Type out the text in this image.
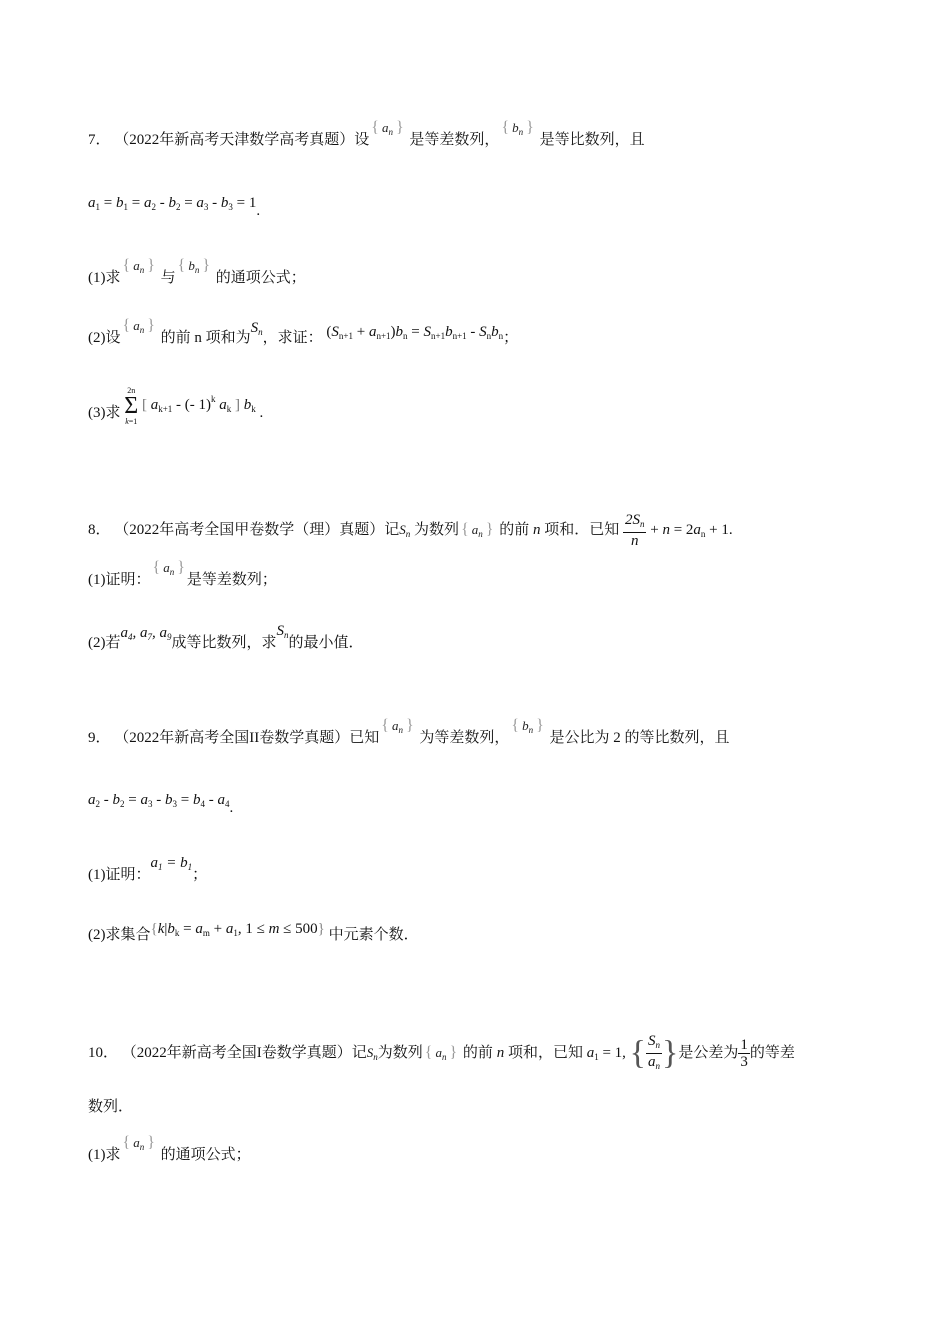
7． （2022年新高考天津数学高考真题）设{ $a_n$ } 是等差数列，{ $b_n$ } 是等比数列，且
$a_1 = b_1 = a_2 - b_2 = a_3 - b_3 = 1$.
(1)求{ $a_n$ } 与{ $b_n$ } 的通项公式；
(2)设{ $a_n$ } 的前 n 项和为$S_n$，求证： $(S_{n+1} + a_{n+1})b_n = S_{n+1}b_{n+1} - S_nb_n$；
(3)求
2n
Σ
k=1
[ $a_{k+1}$ - (- 1)$^k$ $a_k$ ] $b_k$ .
8． （2022年高考全国甲卷数学（理）真题）记$S_n$ 为数列 { $a_n$ } 的前 n 项和．已知 $\frac{2S_n}{n} + n = 2a_n + 1$.
(1)证明：{ $a_n$ } 是等差数列；
(2)若$a_4$, $a_7$, $a_9$成等比数列，求$S_n$的最小值．
9． （2022年新高考全国II卷数学真题）已知{ $a_n$ } 为等差数列，{ $b_n$ } 是公比为 2 的等比数列，且
$a_2 - b_2 = a_3 - b_3 = b_4 - a_4$.
(1)证明：$a_1 = b_1$；
(2)求集合{$k|b_k = a_m + a_1$, 1 ≤ m ≤ 500} 中元素个数．
10． （2022年新高考全国I卷数学真题）记$S_n$为数列 { $a_n$ } 的前 n 项和，已知 $a_1 = 1$, { $\frac{S_n}{a_n}$ }是公差为 $\frac{1}{3}$ 的等差
数列．
(1)求{ $a_n$ } 的通项公式；
